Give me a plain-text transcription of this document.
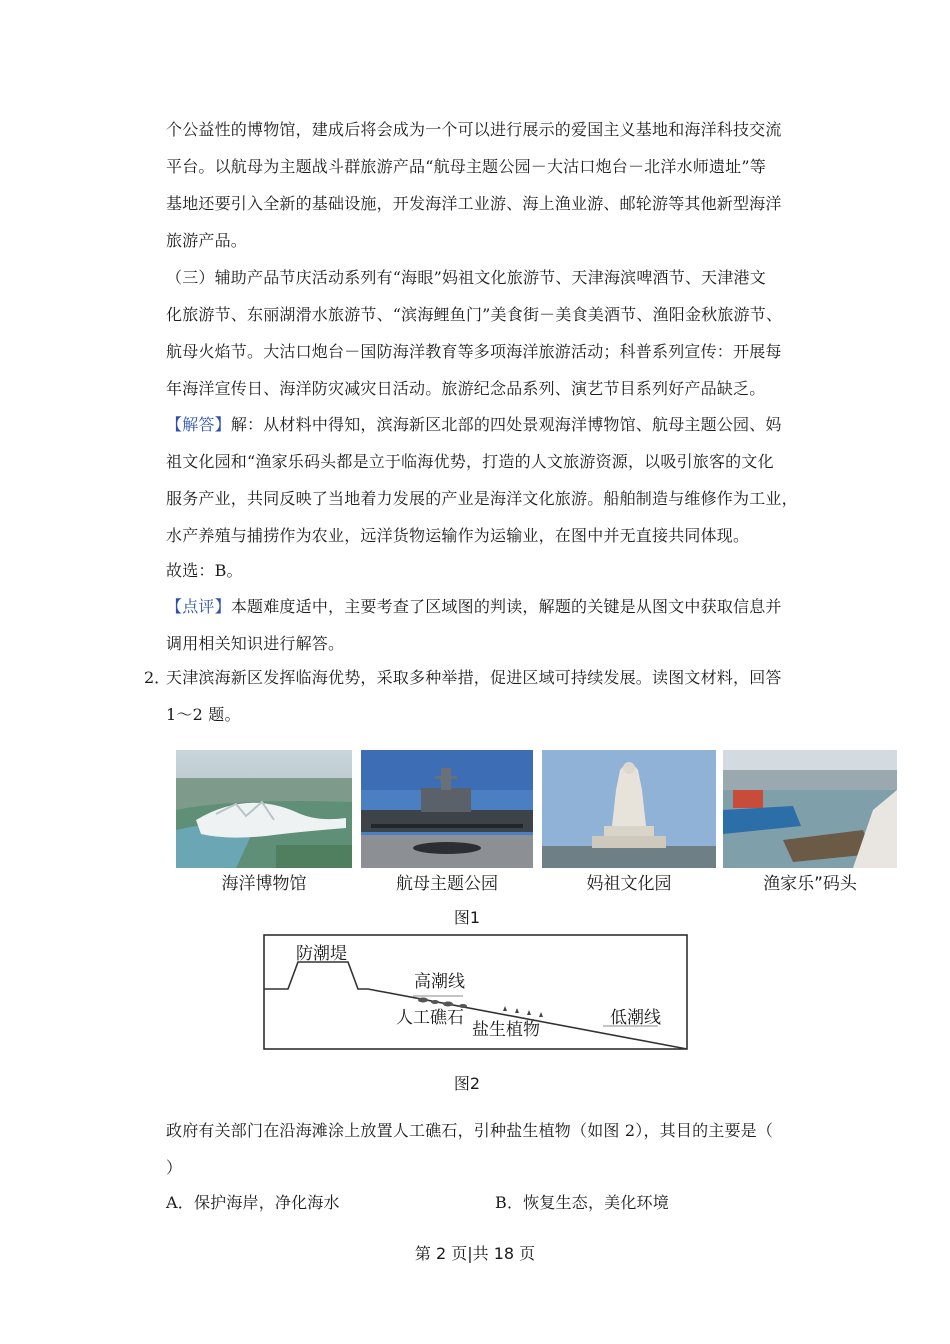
个公益性的博物馆，建成后将会成为一个可以进行展示的爱国主义基地和海洋科技交流
平台。以航母为主题战斗群旅游产品“航母主题公园－大沽口炮台－北洋水师遗址”等
基地还要引入全新的基础设施，开发海洋工业游、海上渔业游、邮轮游等其他新型海洋
旅游产品。
（三）辅助产品节庆活动系列有“海眼”妈祖文化旅游节、天津海滨啤酒节、天津港文
化旅游节、东丽湖滑水旅游节、“滨海鲤鱼门”美食街－美食美酒节、渔阳金秋旅游节、
航母火焰节。大沽口炮台－国防海洋教育等多项海洋旅游活动；科普系列宣传：开展每
年海洋宣传日、海洋防灾减灾日活动。旅游纪念品系列、演艺节目系列好产品缺乏。
【解答】解：从材料中得知，滨海新区北部的四处景观海洋博物馆、航母主题公园、妈
祖文化园和“渔家乐码头都是立于临海优势，打造的人文旅游资源，以吸引旅客的文化
服务产业，共同反映了当地着力发展的产业是海洋文化旅游。船舶制造与维修作为工业，
水产养殖与捕捞作为农业，远洋货物运输作为运输业，在图中并无直接共同体现。
故选：B。
【点评】本题难度适中，主要考查了区域图的判读，解题的关键是从图文中获取信息并
调用相关知识进行解答。
2．
天津滨海新区发挥临海优势，采取多种举措，促进区域可持续发展。读图文材料，回答
1～2 题。
海洋博物馆	航母主题公园	妈祖文化园	渔家乐”码头
图1
防潮堤
高潮线
人工礁石
盐生植物
低潮线
图2
政府有关部门在沿海滩涂上放置人工礁石，引种盐生植物（如图 2），其目的主要是（
）
A．保护海岸，净化海水	B．恢复生态，美化环境
第 2 页|共 18 页
